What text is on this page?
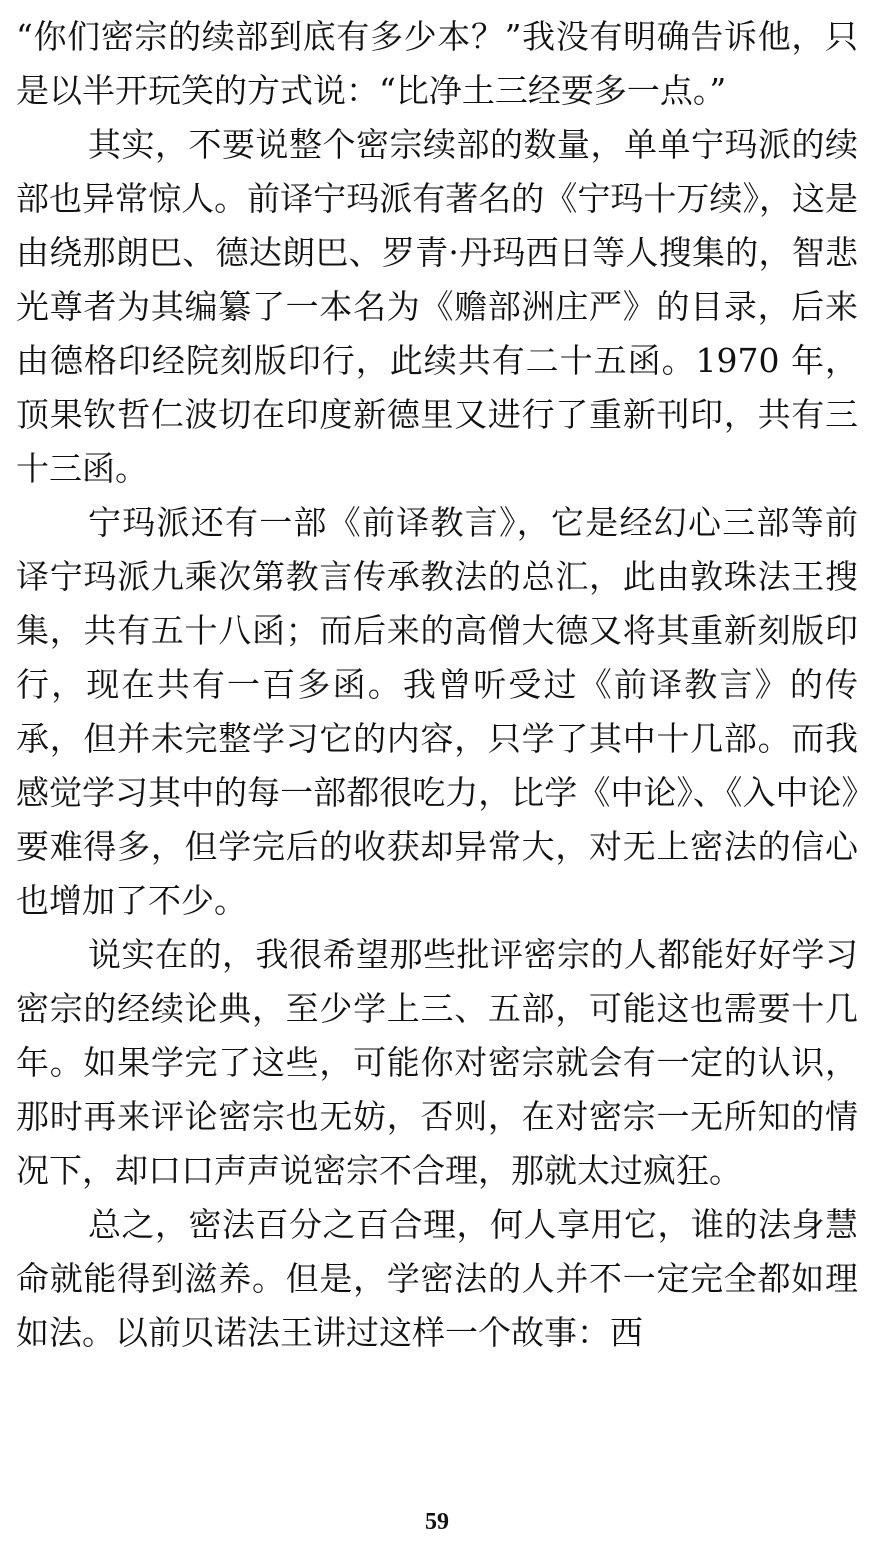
“你们密宗的续部到底有多少本？”我没有明确告诉他，只是以半开玩笑的方式说：“比净土三经要多一点。”

其实，不要说整个密宗续部的数量，单单宁玛派的续部也异常惊人。前译宁玛派有著名的《宁玛十万续》，这是由绕那朗巴、德达朗巴、罗青·丹玛西日等人搜集的，智悲光尊者为其编纂了一本名为《赡部洲庄严》的目录，后来由德格印经院刻版印行，此续共有二十五函。1970 年，顶果钦哲仁波切在印度新德里又进行了重新刊印，共有三十三函。

宁玛派还有一部《前译教言》，它是经幻心三部等前译宁玛派九乘次第教言传承教法的总汇，此由敦珠法王搜集，共有五十八函；而后来的高僧大德又将其重新刻版印行，现在共有一百多函。我曾听受过《前译教言》的传承，但并未完整学习它的内容，只学了其中十几部。而我感觉学习其中的每一部都很吃力，比学《中论》、《入中论》要难得多，但学完后的收获却异常大，对无上密法的信心也增加了不少。

说实在的，我很希望那些批评密宗的人都能好好学习密宗的经续论典，至少学上三、五部，可能这也需要十几年。如果学完了这些，可能你对密宗就会有一定的认识，那时再来评论密宗也无妨，否则，在对密宗一无所知的情况下，却口口声声说密宗不合理，那就太过疯狂。

总之，密法百分之百合理，何人享用它，谁的法身慧命就能得到滋养。但是，学密法的人并不一定完全都如理如法。以前贝诺法王讲过这样一个故事：西

59
